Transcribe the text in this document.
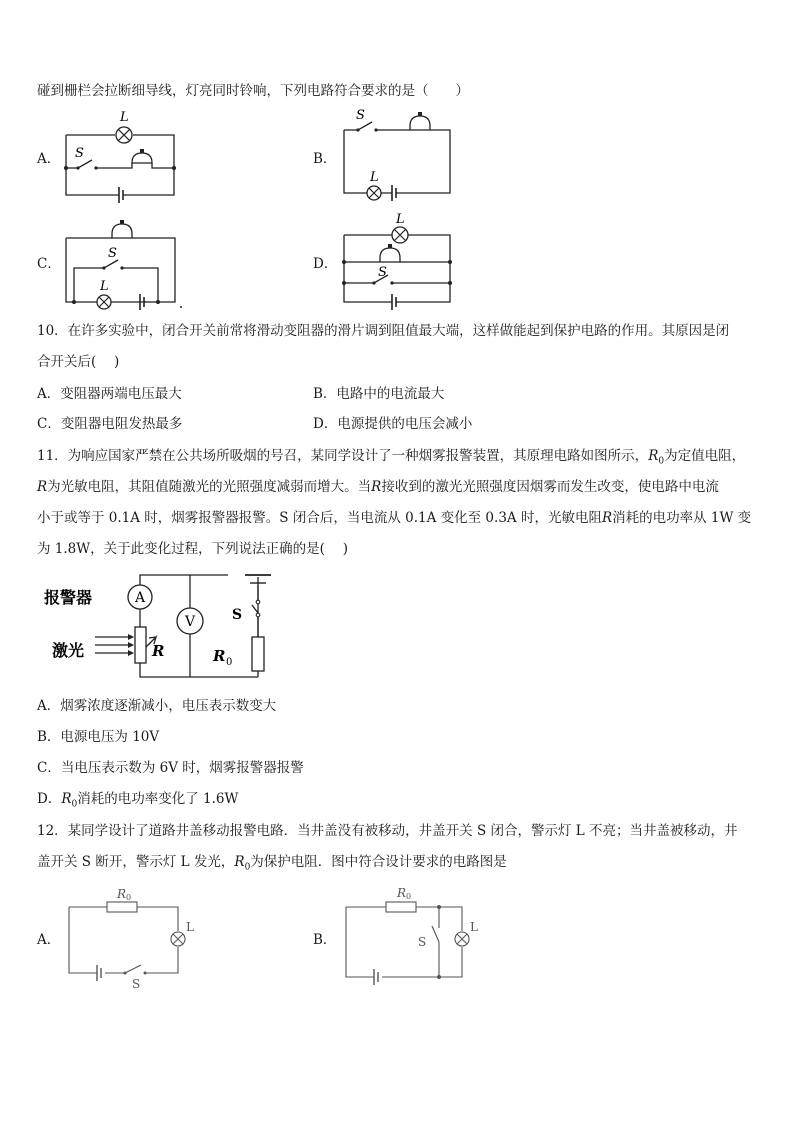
碰到栅栏会拉断细导线，灯亮同时铃响，下列电路符合要求的是（　　）
A．	B．
C．	D．
L
S
S
L
S
L
L
S
10．在许多实验中，闭合开关前常将滑动变阻器的滑片调到阻值最大端，这样做能起到保护电路的作用。其原因是闭
合开关后(　 )
A．变阻器两端电压最大	B．电路中的电流最大
C．变阻器电阻发热最多	D．电源提供的电压会减小
11．为响应国家严禁在公共场所吸烟的号召，某同学设计了一种烟雾报警装置，其原理电路如图所示，$R_0$为定值电阻，
R为光敏电阻，其阻值随激光的光照强度减弱而增大。当R接收到的激光光照强度因烟雾而发生改变，使电路中电流
小于或等于 0.1A 时，烟雾报警器报警。S 闭合后，当电流从 0.1A 变化至 0.3A 时，光敏电阻R消耗的电功率从 1W 变
为 1.8W，关于此变化过程，下列说法正确的是(　 )
A
报警器
V
激光	R
S
R 0
A．烟雾浓度逐渐减小，电压表示数变大
B．电源电压为 10V
C．当电压表示数为 6V 时，烟雾报警器报警
D．$R_0$消耗的电功率变化了 1.6W
12．某同学设计了道路井盖移动报警电路．当井盖没有被移动，井盖开关 S 闭合，警示灯 L 不亮；当井盖被移动，井
盖开关 S 断开，警示灯 L 发光，$R_0$为保护电阻．图中符合设计要求的电路图是
A．	B．
R 0
L
S
R 0
S
L
